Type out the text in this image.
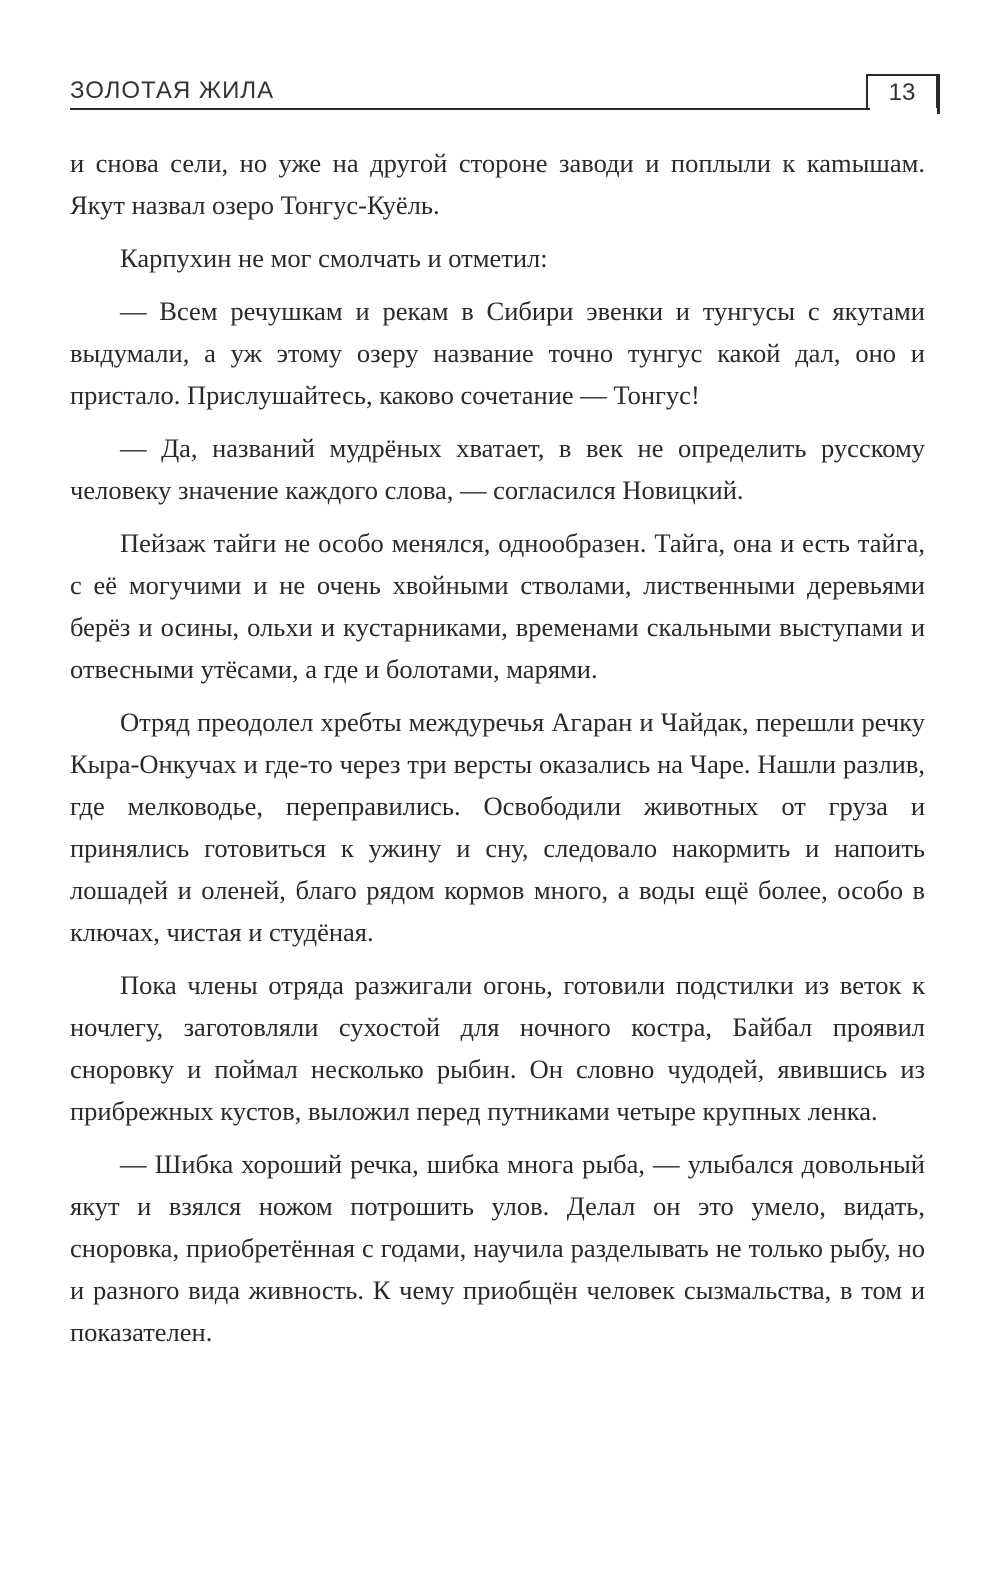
ЗОЛОТАЯ ЖИЛА	13

и снова сели, но уже на другой стороне заводи и поплыли к каmышам. Якут назвал озеро Тонгус-Куёль.

Карпухин не мог смолчать и отметил:

— Всем речушкам и рекам в Сибири эвенки и тунгусы с якутами выдумали, а уж этому озеру название точно тунгус какой дал, оно и пристало. Прислушайтесь, каково сочетание — Тонгус!

— Да, названий мудрёных хватает, в век не определить русскому человеку значение каждого слова, — согласился Новицкий.

Пейзаж тайги не особо менялся, однообразен. Тайга, она и есть тайга, с её могучими и не очень хвойными стволами, лиственными деревьями берёз и осины, ольхи и кустарниками, временами скальными выступами и отвесными утёсами, а где и болотами, марями.

Отряд преодолел хребты междуречья Агаран и Чайдак, перешли речку Кыра-Онкучах и где-то через три версты оказались на Чаре. Нашли разлив, где мелководье, переправились. Освободили животных от груза и принялись готовиться к ужину и сну, следовало накормить и напоить лошадей и оленей, благо рядом кормов много, а воды ещё более, особо в ключах, чистая и студёная.

Пока члены отряда разжигали огонь, готовили подстилки из веток к ночлегу, заготовляли сухостой для ночного костра, Байбал проявил сноровку и поймал несколько рыбин. Он словно чудодей, явившись из прибрежных кустов, выложил перед путниками четыре крупных ленка.

— Шибка хороший речка, шибка многа рыба, — улыбался довольный якут и взялся ножом потрошить улов. Делал он это умело, видать, сноровка, приобретённая с годами, научила разделывать не только рыбу, но и разного вида живность. К чему приобщён человек сызмальства, в том и показателен.
